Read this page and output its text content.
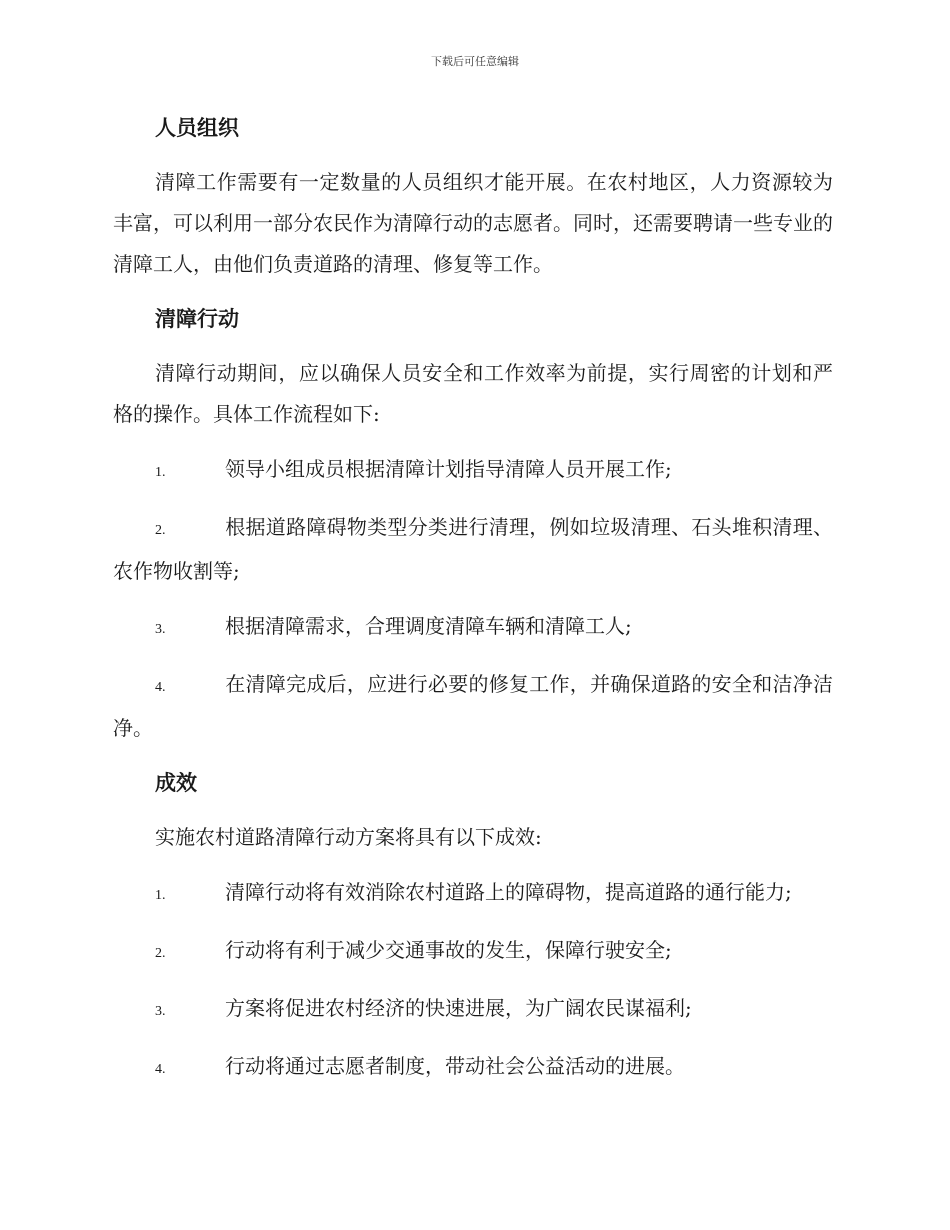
下载后可任意编辑
人员组织

清障工作需要有一定数量的人员组织才能开展。在农村地区，人力资源较为丰富，可以利用一部分农民作为清障行动的志愿者。同时，还需要聘请一些专业的清障工人，由他们负责道路的清理、修复等工作。

清障行动

清障行动期间，应以确保人员安全和工作效率为前提，实行周密的计划和严格的操作。具体工作流程如下:

1.	领导小组成员根据清障计划指导清障人员开展工作;

2.	根据道路障碍物类型分类进行清理，例如垃圾清理、石头堆积清理、农作物收割等;

3.	根据清障需求，合理调度清障车辆和清障工人;

4.	在清障完成后，应进行必要的修复工作，并确保道路的安全和洁净洁净。

成效

实施农村道路清障行动方案将具有以下成效:

1.	清障行动将有效消除农村道路上的障碍物，提高道路的通行能力;

2.	行动将有利于减少交通事故的发生，保障行驶安全;

3.	方案将促进农村经济的快速进展，为广阔农民谋福利;

4.	行动将通过志愿者制度，带动社会公益活动的进展。
